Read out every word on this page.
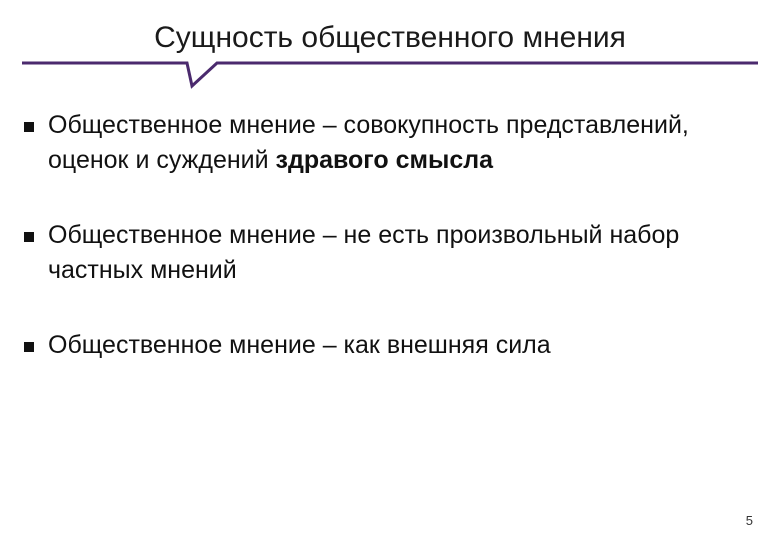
Сущность общественного мнения
Общественное мнение – совокупность представлений, оценок и суждений здравого смысла
Общественное мнение – не есть произвольный набор частных мнений
Общественное мнение – как внешняя сила
5
